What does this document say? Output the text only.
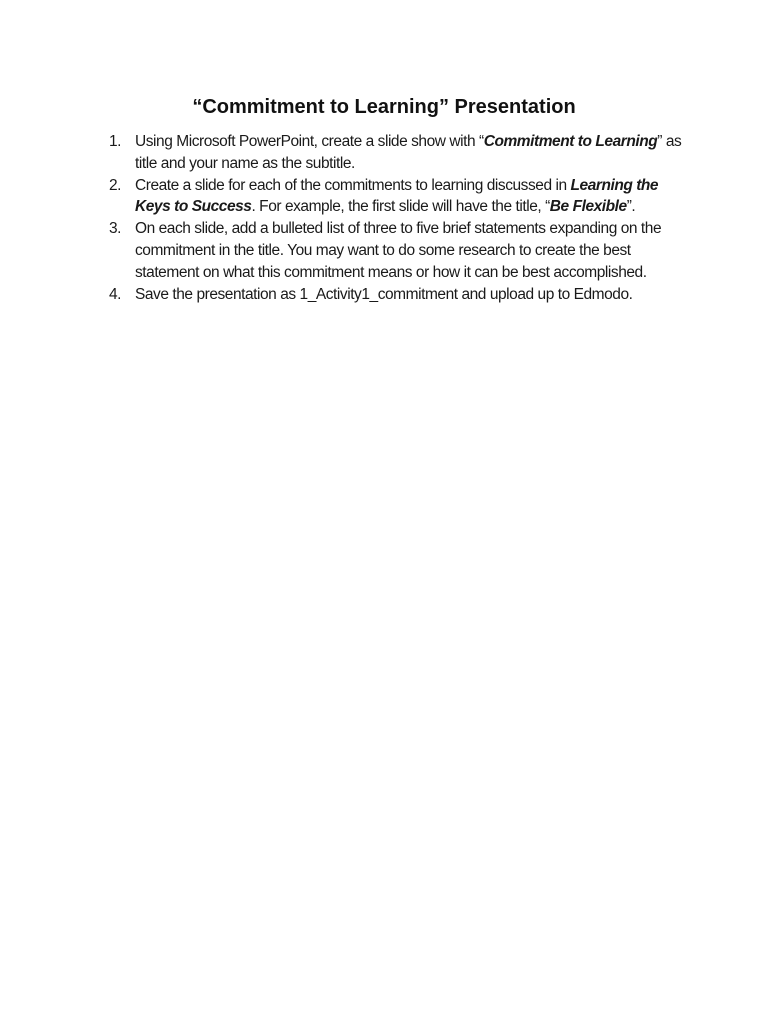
“Commitment to Learning” Presentation
1. Using Microsoft PowerPoint, create a slide show with “Commitment to Learning” as title and your name as the subtitle.
2. Create a slide for each of the commitments to learning discussed in Learning the Keys to Success. For example, the first slide will have the title, “Be Flexible”.
3. On each slide, add a bulleted list of three to five brief statements expanding on the commitment in the title. You may want to do some research to create the best statement on what this commitment means or how it can be best accomplished.
4. Save the presentation as 1_Activity1_commitment and upload up to Edmodo.
